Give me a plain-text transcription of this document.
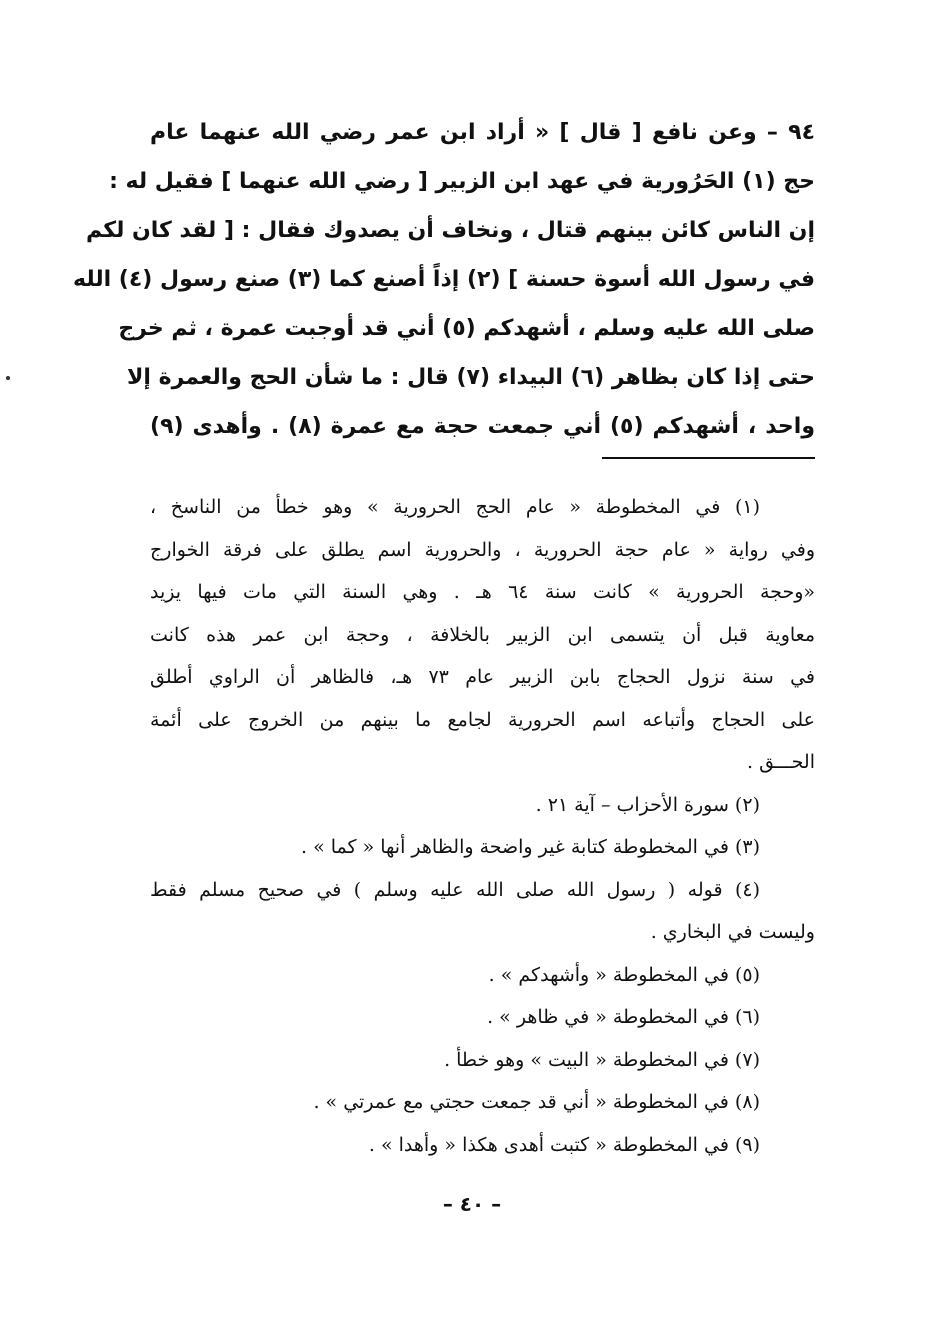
٩٤ – وعن نافع [ قال ] « أراد ابن عمر رضي الله عنهما عام
حج (١) الحَرُورية في عهد ابن الزبير [ رضي الله عنهما ] فقيل له :
إن الناس كائن بينهم قتال ، ونخاف أن يصدوك فقال : [ لقد كان لكم
في رسول الله أسوة حسنة ] (٢) إذاً أصنع كما (٣) صنع رسول (٤) الله
صلى الله عليه وسلم ، أشهدكم (٥) أني قد أوجبت عمرة ، ثم خرج
حتى إذا كان بظاهر (٦) البيداء (٧) قال : ما شأن الحج والعمرة إلا
واحد ، أشهدكم (٥) أني جمعت حجة مع عمرة (٨) . وأهدى (٩)
(١) في المخطوطة « عام الحج الحرورية » وهو خطأ من الناسخ ،
وفي رواية « عام حجة الحرورية ، والحرورية اسم يطلق على فرقة الخوارج
«وحجة الحرورية » كانت سنة ٦٤ هـ . وهي السنة التي مات فيها يزيد
معاوية قبل أن يتسمى ابن الزبير بالخلافة ، وحجة ابن عمر هذه كانت
في سنة نزول الحجاج بابن الزبير عام ٧٣ هـ، فالظاهر أن الراوي أطلق
على الحجاج وأتباعه اسم الحرورية لجامع ما بينهم من الخروج على أئمة
الحـــق .
(٢) سورة الأحزاب – آية ٢١ .
(٣) في المخطوطة كتابة غير واضحة والظاهر أنها « كما » .
(٤) قوله ( رسول الله صلى الله عليه وسلم ) في صحيح مسلم فقط
وليست في البخاري .
(٥) في المخطوطة « وأشهدكم » .
(٦) في المخطوطة « في ظاهر » .
(٧) في المخطوطة « البيت » وهو خطأ .
(٨) في المخطوطة « أني قد جمعت حجتي مع عمرتي » .
(٩) في المخطوطة « كتبت أهدى هكذا « وأهدا » .
– ٤٠ –
